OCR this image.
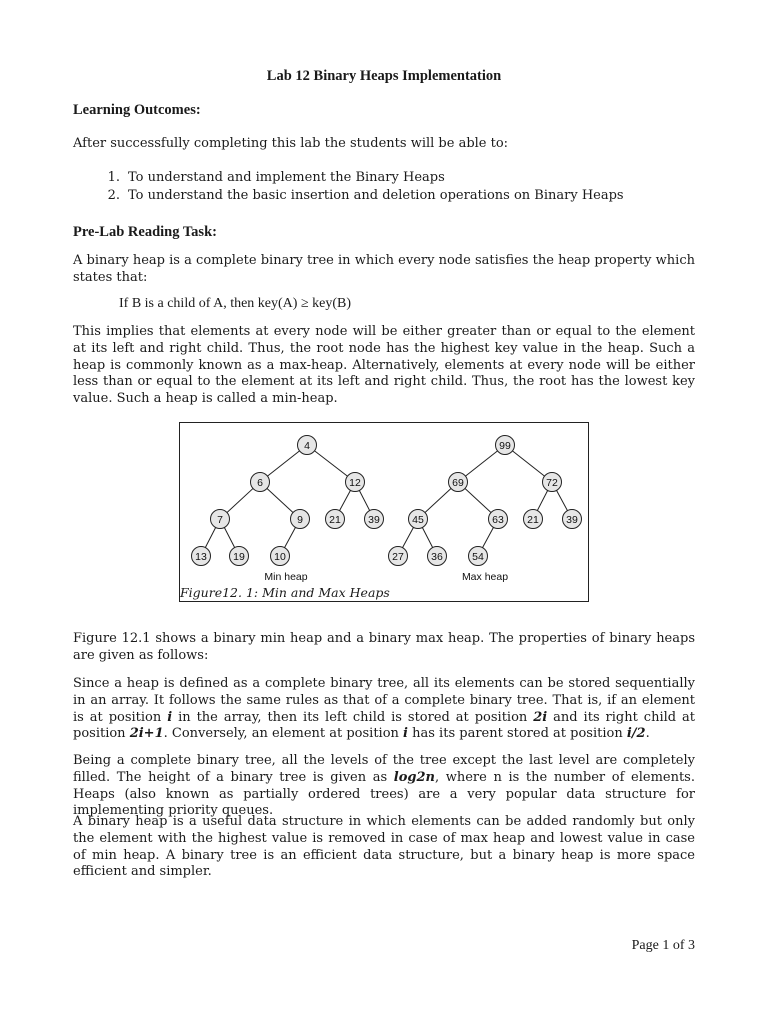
Lab 12 Binary Heaps Implementation
Learning Outcomes:

After successfully completing this lab the students will be able to:

1. To understand and implement the Binary Heaps
2. To understand the basic insertion and deletion operations on Binary Heaps
Pre-Lab Reading Task:

A binary heap is a complete binary tree in which every node satisfies the heap property which states that:

If B is a child of A, then key(A) ≥ key(B)

This implies that elements at every node will be either greater than or equal to the element at its left and right child. Thus, the root node has the highest key value in the heap. Such a heap is commonly known as a max-heap. Alternatively, elements at every node will be either less than or equal to the element at its left and right child. Thus, the root has the lowest key value. Such a heap is called a min-heap.

4
6	12
7	9 21	39
13	19	10
99
69	72
45	63 21	39
27	36	54
Min heap	Max heap
Figure12. 1: Min and Max Heaps

Figure 12.1 shows a binary min heap and a binary max heap. The properties of binary heaps are given as follows:

Since a heap is defined as a complete binary tree, all its elements can be stored sequentially in an array. It follows the same rules as that of a complete binary tree. That is, if an element is at position i in the array, then its left child is stored at position 2i and its right child at position 2i+1. Conversely, an element at position i has its parent stored at position i/2.

Being a complete binary tree, all the levels of the tree except the last level are completely filled. The height of a binary tree is given as log2n, where n is the number of elements. Heaps (also known as partially ordered trees) are a very popular data structure for implementing priority queues.

A binary heap is a useful data structure in which elements can be added randomly but only the element with the highest value is removed in case of max heap and lowest value in case of min heap. A binary tree is an efficient data structure, but a binary heap is more space efficient and simpler.

Page 1 of 3
